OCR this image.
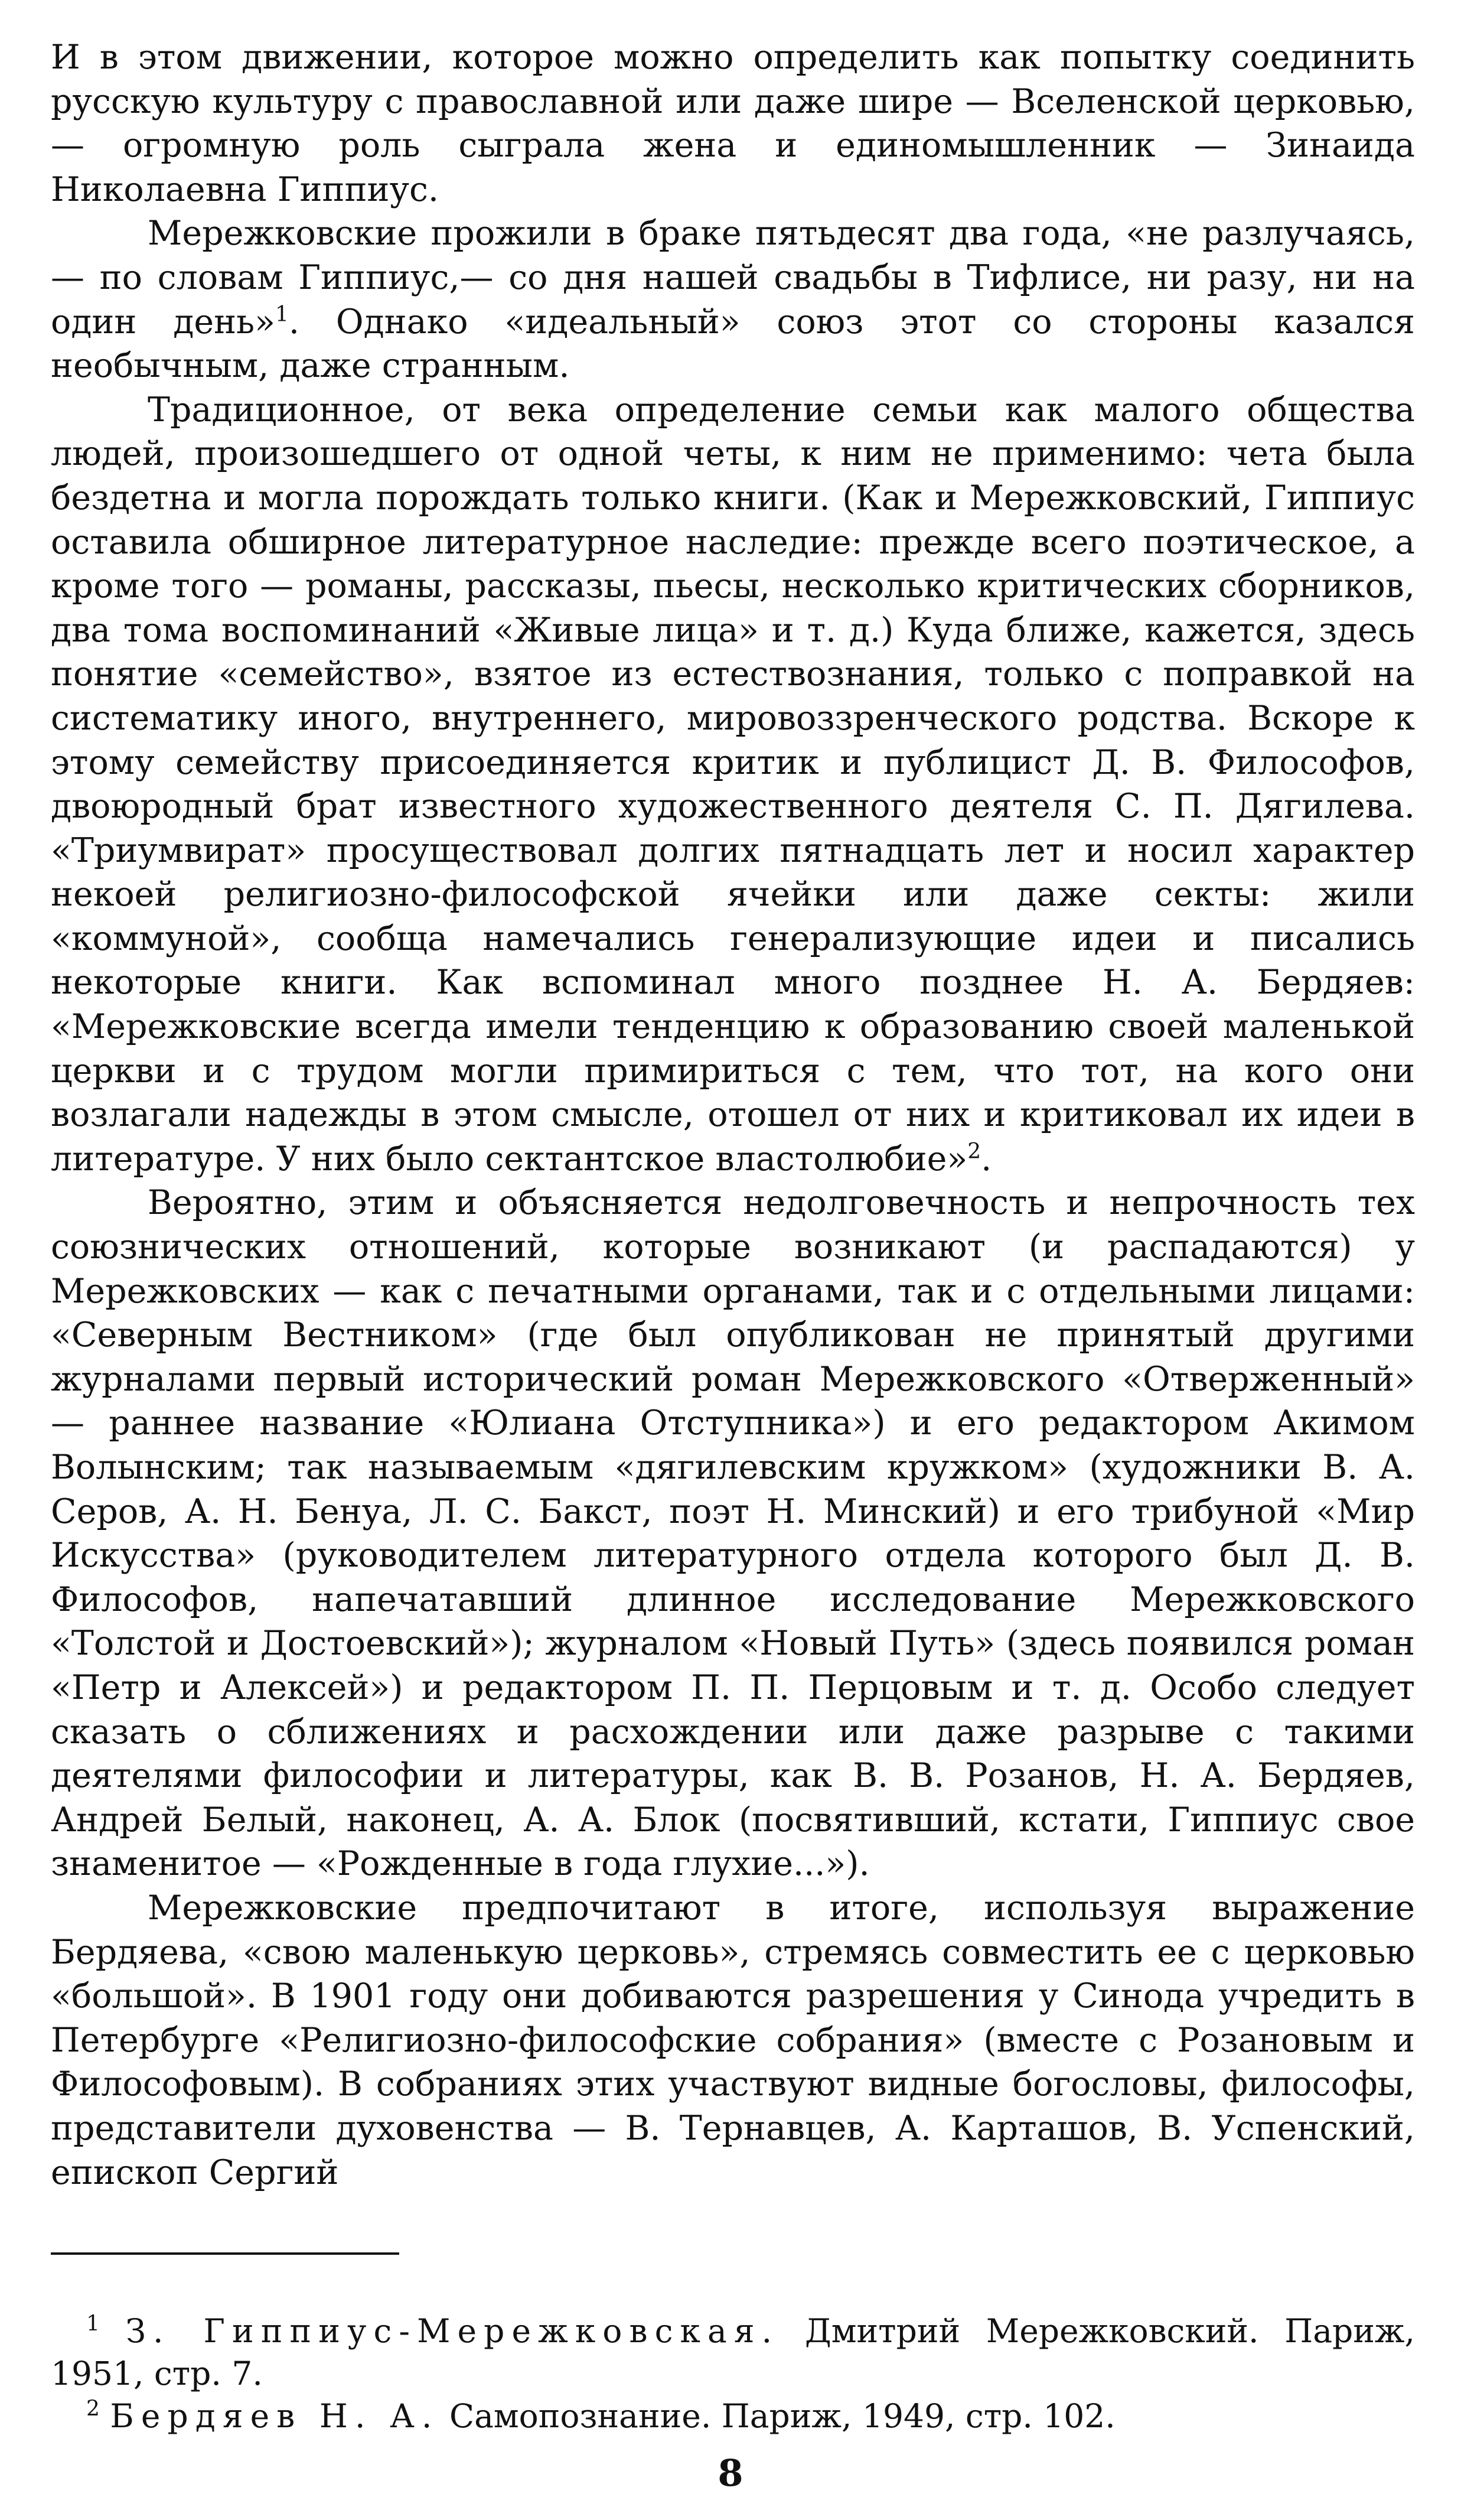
И в этом движении, которое можно определить как попытку соединить русскую культуру с православной или даже шире — Вселенской церковью,— огромную роль сыграла жена и единомышленник — Зинаида Николаевна Гиппиус.

Мережковские прожили в браке пятьдесят два года, «не разлучаясь,— по словам Гиппиус,— со дня нашей свадьбы в Тифлисе, ни разу, ни на один день»$^1$. Однако «идеальный» союз этот со стороны казался необычным, даже странным.

Традиционное, от века определение семьи как малого общества людей, произошедшего от одной четы, к ним не применимо: чета была бездетна и могла порождать только книги. (Как и Мережковский, Гиппиус оставила обширное литературное наследие: прежде всего поэтическое, а кроме того — романы, рассказы, пьесы, несколько критических сборников, два тома воспоминаний «Живые лица» и т. д.) Куда ближе, кажется, здесь понятие «семейство», взятое из естествознания, только с поправкой на систематику иного, внутреннего, мировоззренческого родства. Вскоре к этому семейству присоединяется критик и публицист Д. В. Философов, двоюродный брат известного художественного деятеля С. П. Дягилева. «Триумвират» просуществовал долгих пятнадцать лет и носил характер некоей религиозно-философской ячейки или даже секты: жили «коммуной», сообща намечались генерализующие идеи и писались некоторые книги. Как вспоминал много позднее Н. А. Бердяев: «Мережковские всегда имели тенденцию к образованию своей маленькой церкви и с трудом могли примириться с тем, что тот, на кого они возлагали надежды в этом смысле, отошел от них и критиковал их идеи в литературе. У них было сектантское властолюбие»$^2$.

Вероятно, этим и объясняется недолговечность и непрочность тех союзнических отношений, которые возникают (и распадаются) у Мережковских — как с печатными органами, так и с отдельными лицами: «Северным Вестником» (где был опубликован не принятый другими журналами первый исторический роман Мережковского «Отверженный» — раннее название «Юлиана Отступника») и его редактором Акимом Волынским; так называемым «дягилевским кружком» (художники В. А. Серов, А. Н. Бенуа, Л. С. Бакст, поэт Н. Минский) и его трибуной «Мир Искусства» (руководителем литературного отдела которого был Д. В. Философов, напечатавший длинное исследование Мережковского «Толстой и Достоевский»); журналом «Новый Путь» (здесь появился роман «Петр и Алексей») и редактором П. П. Перцовым и т. д. Особо следует сказать о сближениях и расхождении или даже разрыве с такими деятелями философии и литературы, как В. В. Розанов, Н. А. Бердяев, Андрей Белый, наконец, А. А. Блок (посвятивший, кстати, Гиппиус свое знаменитое — «Рожденные в года глухие...»).

Мережковские предпочитают в итоге, используя выражение Бердяева, «свою маленькую церковь», стремясь совместить ее с церковью «большой». В 1901 году они добиваются разрешения у Синода учредить в Петербурге «Религиозно-философские собрания» (вместе с Розановым и Философовым). В собраниях этих участвуют видные богословы, философы, представители духовенства — В. Тернавцев, А. Карташов, В. Успенский, епископ Сергий

$^1$ З. Гиппиус-Мережковская. Дмитрий Мережковский. Париж, 1951, стр. 7.

$^2$ Бердяев Н. А. Самопознание. Париж, 1949, стр. 102.

8
